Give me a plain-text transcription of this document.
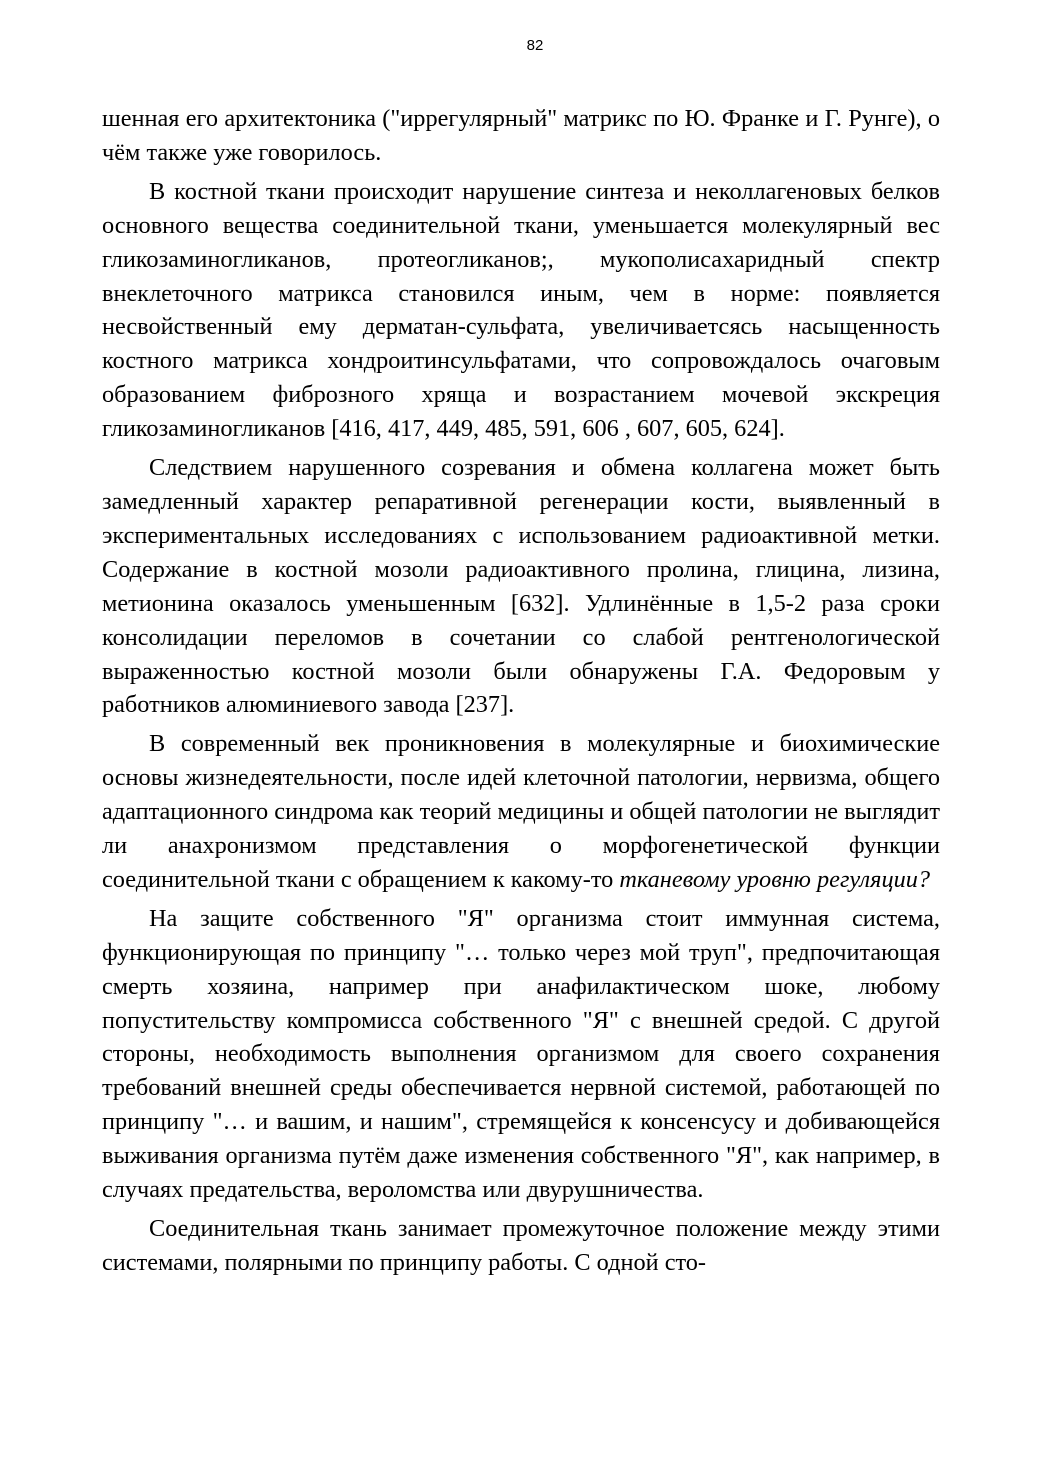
82

шенная его архитектоника ("иррегулярный" матрикс по Ю. Франке и Г. Рунге), о чём также уже говорилось.

В костной ткани происходит нарушение синтеза и неколлагеновых белков основного вещества соединительной ткани, уменьшается молекулярный вес гликозаминогликанов, протеогликанов;, мукополисахаридный спектр внеклеточного матрикса становился иным, чем в норме: появляется несвойственный ему дерматан-сульфата, увеличиваетсясь насыщенность костного матрикса хондроитинсульфатами, что сопровождалось очаговым образованием фиброзного хряща и возрастанием мочевой экскреция гликозаминогликанов [416, 417, 449, 485, 591, 606 , 607, 605, 624].

Следствием нарушенного созревания и обмена коллагена может быть замедленный характер репаративной регенерации кости, выявленный в экспериментальных исследованиях с использованием радиоактивной метки. Содержание в костной мозоли радиоактивного пролина, глицина, лизина, метионина оказалось уменьшенным [632]. Удлинённые в 1,5-2 раза сроки консолидации переломов в сочетании со слабой рентгенологической выраженностью костной мозоли были обнаружены Г.А. Федоровым у работников алюминиевого завода [237].

В современный век проникновения в молекулярные и биохимические основы жизнедеятельности, после идей клеточной патологии, нервизма, общего адаптационного синдрома как теорий медицины и общей патологии не выглядит ли анахронизмом представления о морфогенетической функции соединительной ткани с обращением к какому-то тканевому уровню регуляции?

На защите собственного "Я" организма стоит иммунная система, функционирующая по принципу "… только через мой труп", предпочитающая смерть хозяина, например при анафилактическом шоке, любому попустительству компромисса собственного "Я" с внешней средой. С другой стороны, необходимость выполнения организмом для своего сохранения требований внешней среды обеспечивается нервной системой, работающей по принципу "… и вашим, и нашим", стремящейся к консенсусу и добивающейся выживания организма путём даже изменения собственного "Я", как например, в случаях предательства, вероломства или двурушничества.

Соединительная ткань занимает промежуточное положение между этими системами, полярными по принципу работы. С одной сто-
